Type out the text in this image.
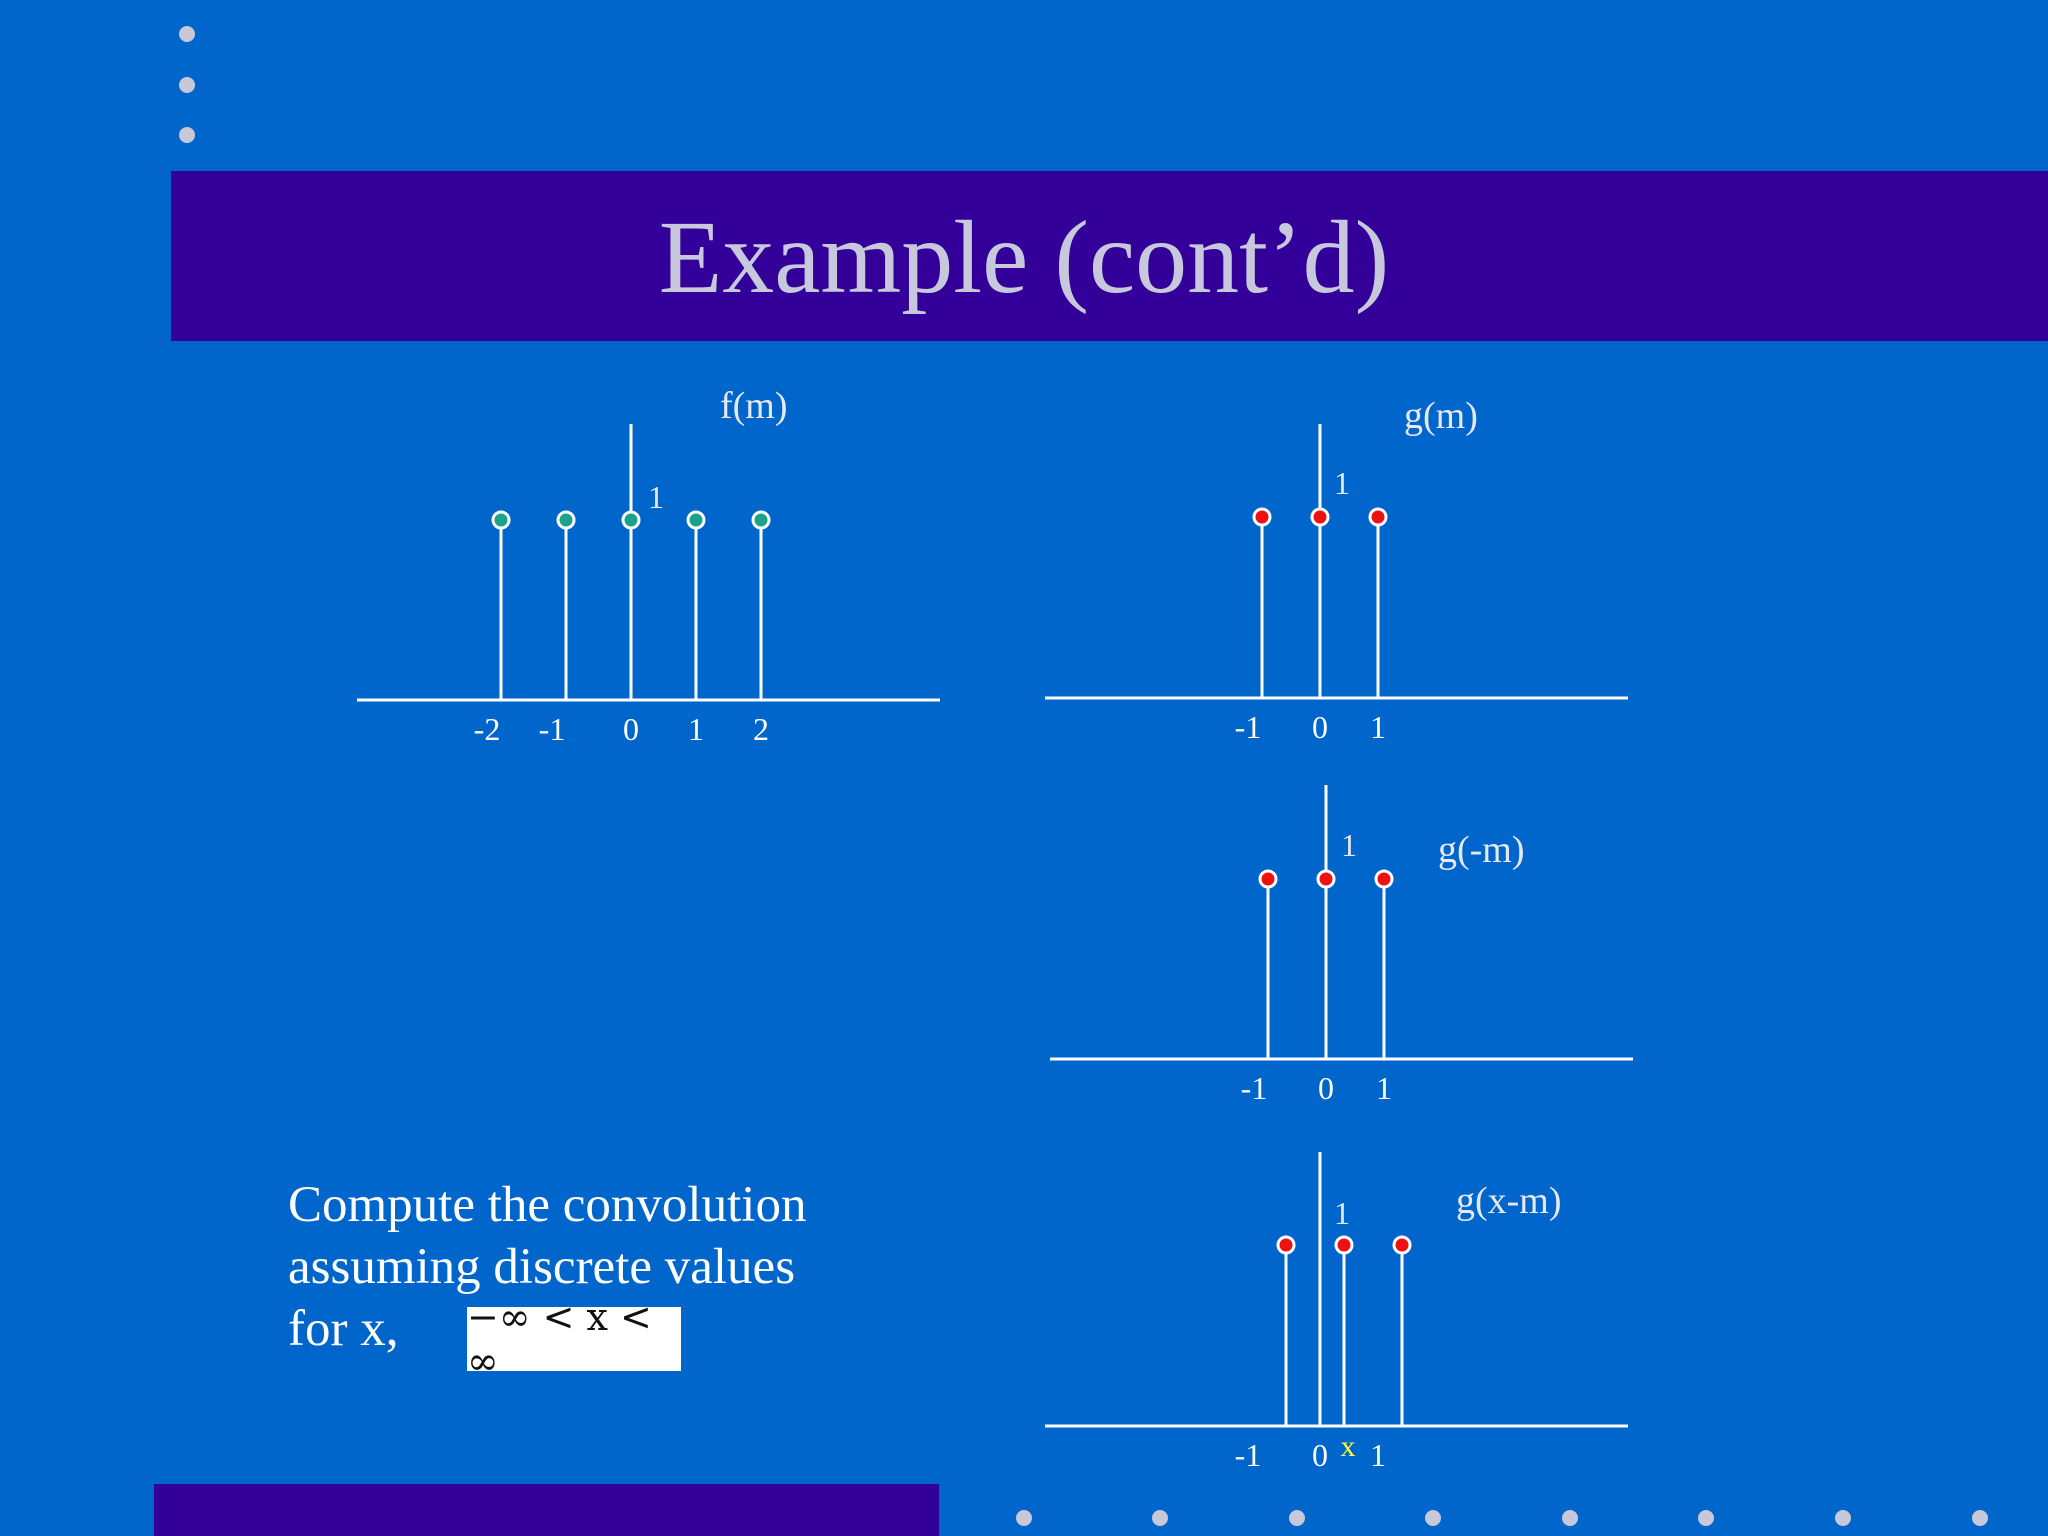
Example (cont’d)
f(m)
1
-2 -1 0 1 2
g(m)
1
-1 0 1
g(-m)
1
-1 0 1
g(x-m)
1
-1 0 1
x
Compute the convolution
assuming discrete values
for x,	−∞ < x < ∞
